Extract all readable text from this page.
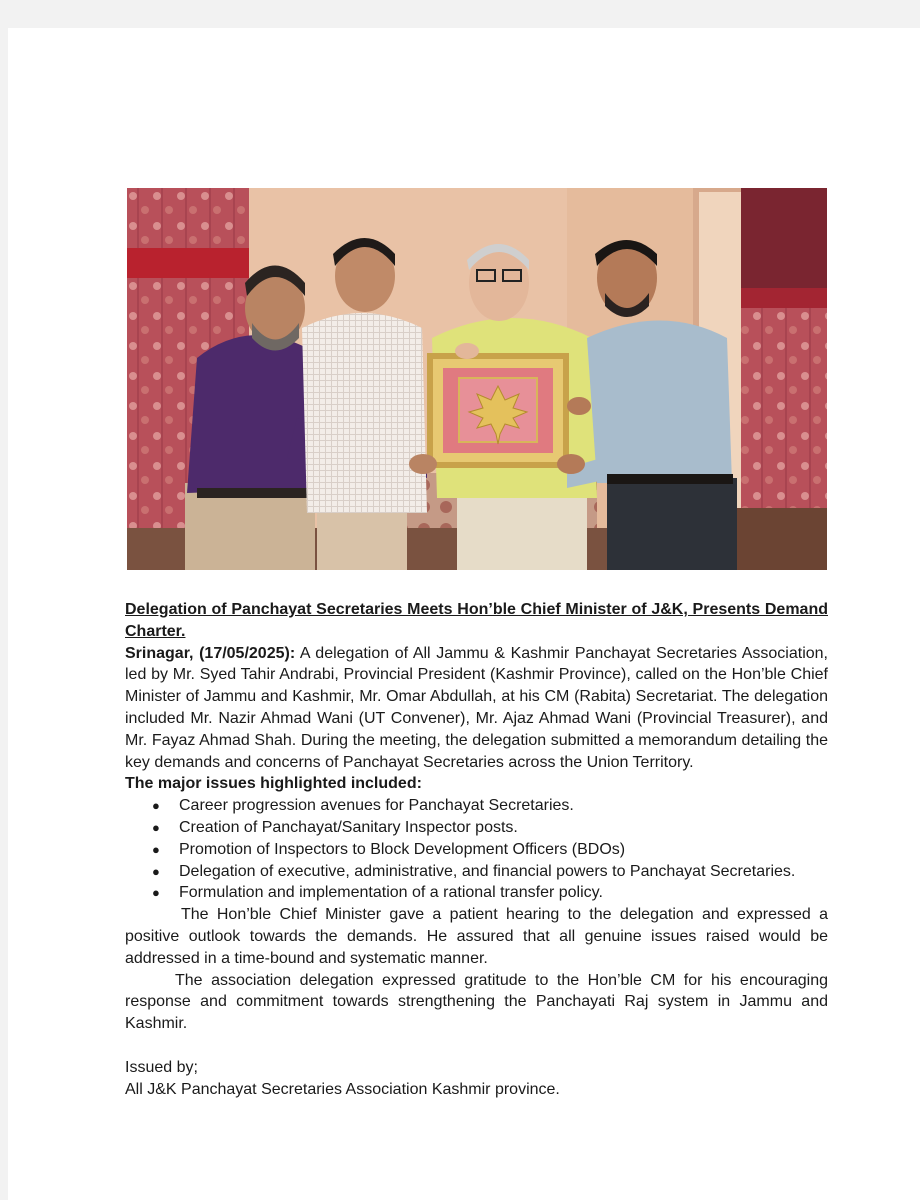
Delegation of Panchayat Secretaries Meets Hon’ble Chief Minister of J&K, Presents Demand Charter.

Srinagar, (17/05/2025): A delegation of All Jammu & Kashmir Panchayat Secretaries Association, led by Mr. Syed Tahir Andrabi, Provincial President (Kashmir Province), called on the Hon’ble Chief Minister of Jammu and Kashmir, Mr. Omar Abdullah, at his CM (Rabita) Secretariat. The delegation included Mr. Nazir Ahmad Wani (UT Convener), Mr. Ajaz Ahmad Wani (Provincial Treasurer), and Mr. Fayaz Ahmad Shah. During the meeting, the delegation submitted a memorandum detailing the key demands and concerns of Panchayat Secretaries across the Union Territory.

The major issues highlighted included:

● Career progression avenues for Panchayat Secretaries.
● Creation of Panchayat/Sanitary Inspector posts.
● Promotion of Inspectors to Block Development Officers (BDOs)
● Delegation of executive, administrative, and financial powers to Panchayat Secretaries.
● Formulation and implementation of a rational transfer policy.

The Hon’ble Chief Minister gave a patient hearing to the delegation and expressed a positive outlook towards the demands. He assured that all genuine issues raised would be addressed in a time-bound and systematic manner.

The association delegation expressed gratitude to the Hon’ble CM for his encouraging response and commitment towards strengthening the Panchayati Raj system in Jammu and Kashmir.

Issued by;

All J&K Panchayat Secretaries Association Kashmir province.
